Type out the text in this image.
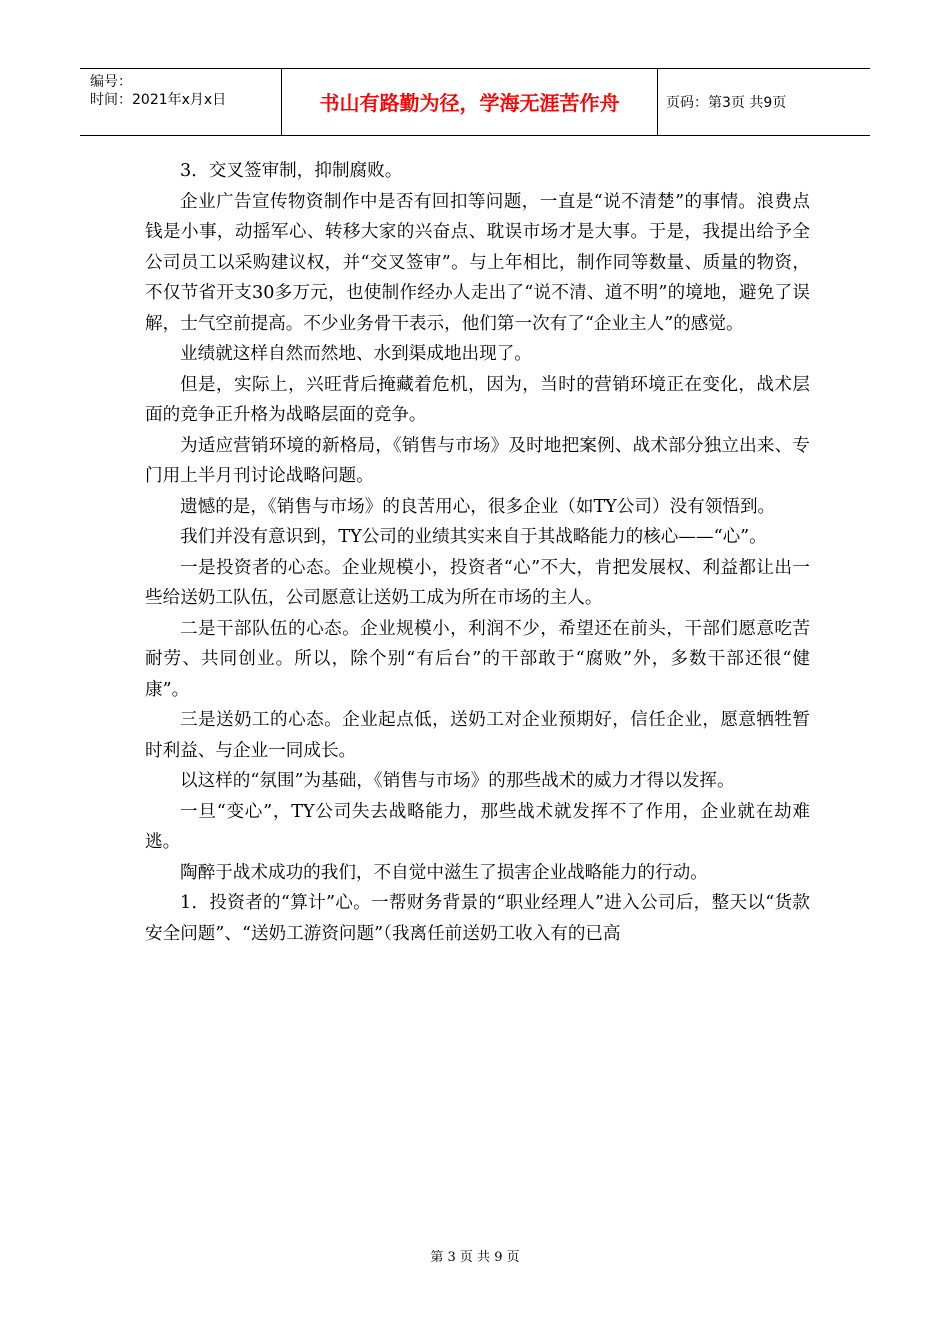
编号：
时间：2021年x月x日	书山有路勤为径，学海无涯苦作舟	页码：第3页 共9页

3．交叉签审制，抑制腐败。

企业广告宣传物资制作中是否有回扣等问题，一直是“说不清楚”的事情。浪费点钱是小事，动摇军心、转移大家的兴奋点、耽误市场才是大事。于是，我提出给予全公司员工以采购建议权，并“交叉签审”。与上年相比，制作同等数量、质量的物资，不仅节省开支30多万元，也使制作经办人走出了“说不清、道不明”的境地，避免了误解，士气空前提高。不少业务骨干表示，他们第一次有了“企业主人”的感觉。

业绩就这样自然而然地、水到渠成地出现了。

但是，实际上，兴旺背后掩藏着危机，因为，当时的营销环境正在变化，战术层面的竞争正升格为战略层面的竞争。

为适应营销环境的新格局，《销售与市场》及时地把案例、战术部分独立出来、专门用上半月刊讨论战略问题。

遗憾的是，《销售与市场》的良苦用心，很多企业（如TY公司）没有领悟到。

我们并没有意识到，TY公司的业绩其实来自于其战略能力的核心——“心”。

一是投资者的心态。企业规模小，投资者“心”不大，肯把发展权、利益都让出一些给送奶工队伍，公司愿意让送奶工成为所在市场的主人。

二是干部队伍的心态。企业规模小，利润不少，希望还在前头，干部们愿意吃苦耐劳、共同创业。所以，除个别“有后台”的干部敢于“腐败”外，多数干部还很“健康”。

三是送奶工的心态。企业起点低，送奶工对企业预期好，信任企业，愿意牺牲暂时利益、与企业一同成长。

以这样的“氛围”为基础，《销售与市场》的那些战术的威力才得以发挥。

一旦“变心”，TY公司失去战略能力，那些战术就发挥不了作用，企业就在劫难逃。

陶醉于战术成功的我们，不自觉中滋生了损害企业战略能力的行动。

1．投资者的“算计”心。一帮财务背景的“职业经理人”进入公司后，整天以“货款安全问题”、“送奶工游资问题”（我离任前送奶工收入有的已高

第 3 页 共 9 页
